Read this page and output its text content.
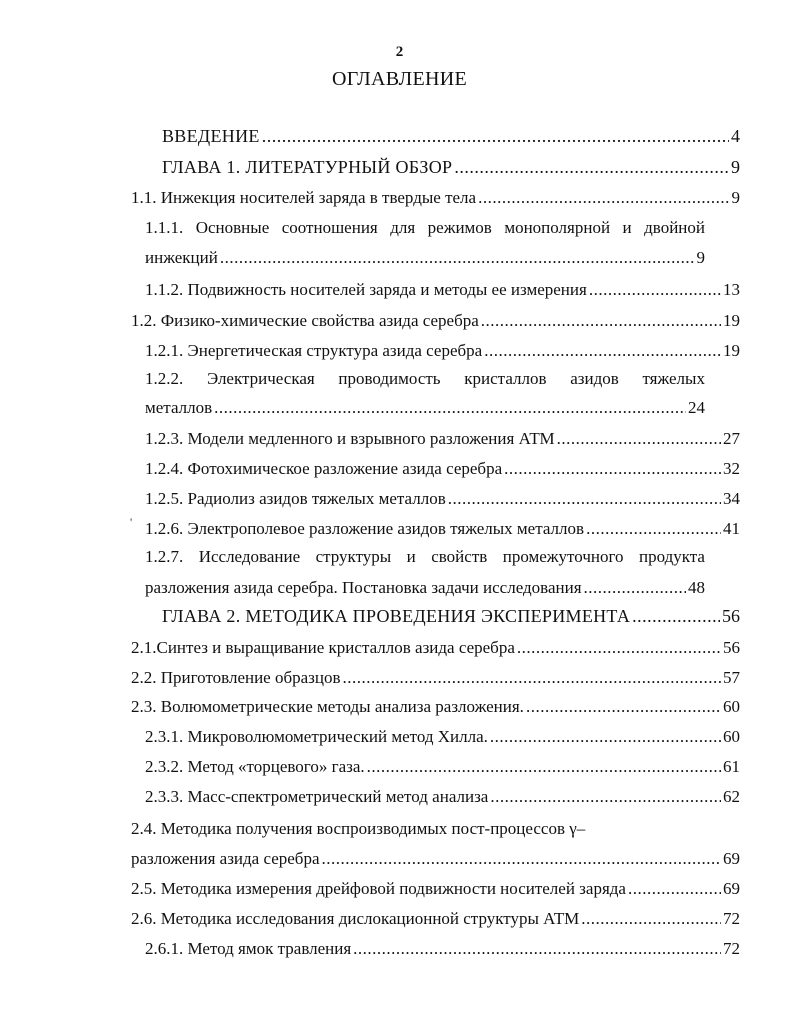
2
ОГЛАВЛЕНИЕ
ВВЕДЕНИЕ .....	4
ГЛАВА 1. ЛИТЕРАТУРНЫЙ ОБЗОР .....	9
1.1. Инжекция носителей заряда в твердые тела .....	9
1.1.1. Основные соотношения для режимов монополярной и двойной
инжекций .....	9
1.1.2. Подвижность носителей заряда и методы ее измерения .....	13
1.2. Физико-химические свойства азида серебра .....	19
1.2.1. Энергетическая структура азида серебра .....	19
1.2.2. Электрическая проводимость кристаллов азидов тяжелых
металлов .....	24
1.2.3. Модели медленного и взрывного разложения АТМ .....	27
1.2.4. Фотохимическое разложение азида серебра .....	32
1.2.5. Радиолиз азидов тяжелых металлов .....	34
1.2.6. Электрополевое разложение азидов тяжелых металлов .....	41
1.2.7. Исследование структуры и свойств промежуточного продукта
разложения азида серебра. Постановка задачи исследования .....	48
ГЛАВА 2. МЕТОДИКА ПРОВЕДЕНИЯ ЭКСПЕРИМЕНТА .....	56
2.1.Синтез и выращивание кристаллов азида серебра .....	56
2.2. Приготовление образцов .....	57
2.3. Волюмометрические методы анализа разложения. .....	60
2.3.1. Микроволюмометрический метод Хилла. .....	60
2.3.2. Метод «торцевого» газа. .....	61
2.3.3. Масс-спектрометрический метод анализа .....	62
2.4. Методика получения воспроизводимых пост-процессов γ–
разложения азида серебра .....	69
2.5. Методика измерения дрейфовой подвижности носителей заряда .....	69
2.6. Методика исследования дислокационной структуры АТМ .....	72
2.6.1. Метод ямок травления .....	72
'
